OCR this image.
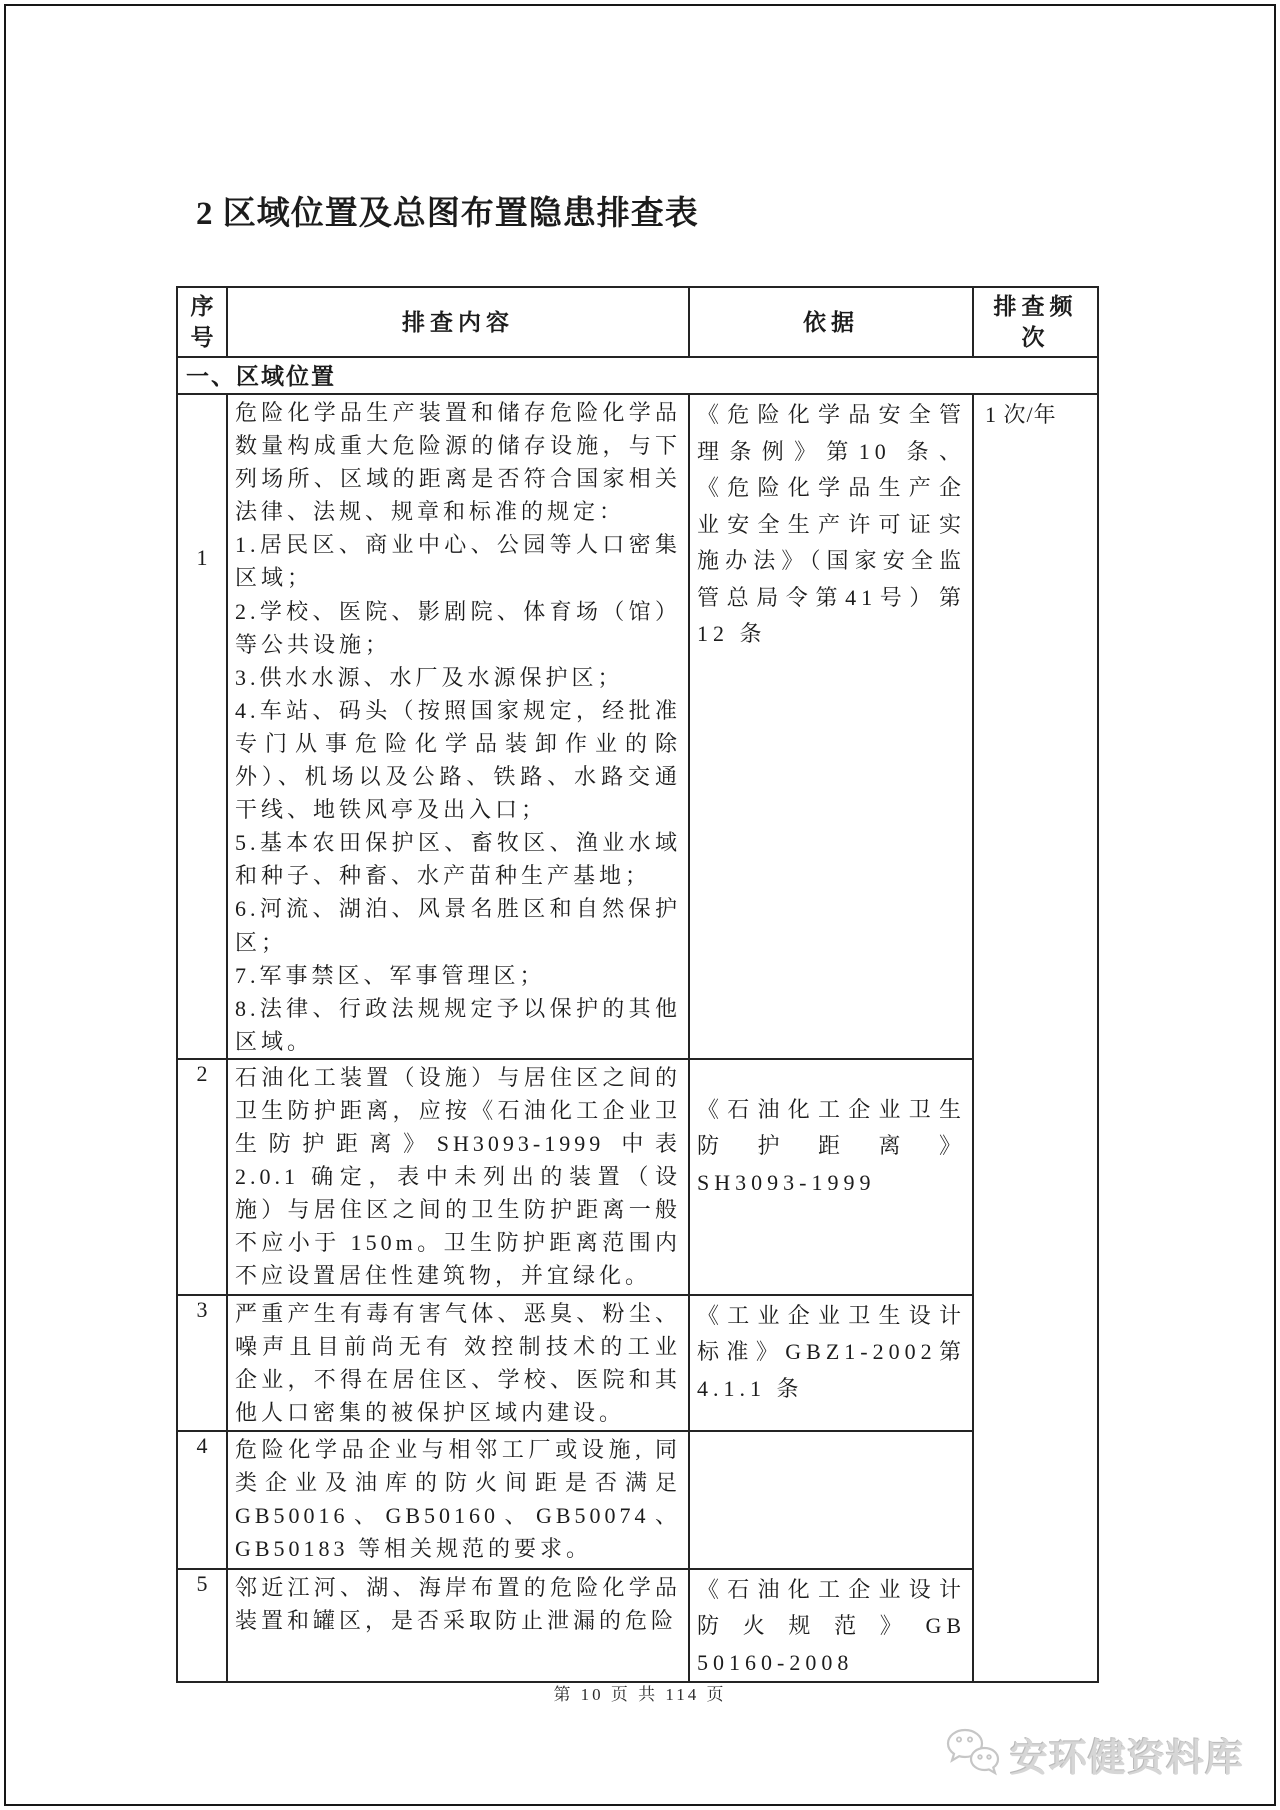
2 区域位置及总图布置隐患排查表
序号	排查内容	依据	排查频次
一、区域位置			
1	危险化学品生产装置和储存危险化学品数量构成重大危险源的储存设施，与下列场所、区域的距离是否符合国家相关法律、法规、规章和标准的规定：
1.居民区、商业中心、公园等人口密集区域；
2.学校、医院、影剧院、体育场（馆）等公共设施；
3.供水水源、水厂及水源保护区；
4.车站、码头（按照国家规定，经批准专门从事危险化学品装卸作业的除外）、机场以及公路、铁路、水路交通干线、地铁风亭及出入口；
5.基本农田保护区、畜牧区、渔业水域和种子、种畜、水产苗种生产基地；
6.河流、湖泊、风景名胜区和自然保护区；
7.军事禁区、军事管理区；
8.法律、行政法规规定予以保护的其他区域。	《危险化学品安全管理条例》第10 条、《危险化学品生产企业安全生产许可证实施办法》（国家安全监管总局令第41号）第 12 条	1 次/年
2	石油化工装置（设施）与居住区之间的卫生防护距离，应按《石油化工企业卫生防护距离》SH3093-1999 中表 2.0.1 确定，表中未列出的装置（设施）与居住区之间的卫生防护距离一般不应小于 150m。卫生防护距离范围内不应设置居住性建筑物，并宜绿化。	《石油化工企业卫生防护距离》  SH3093-1999	
3	严重产生有毒有害气体、恶臭、粉尘、噪声且目前尚无有 效控制技术的工业企业，不得在居住区、学校、医院和其他人口密集的被保护区域内建设。	《工业企业卫生设计标准》GBZ1-2002第 4.1.1 条	
4	危险化学品企业与相邻工厂或设施, 同类企业及油库的防火间距是否满足 GB50016、GB50160、GB50074、GB50183 等相关规范的要求。		
5	邻近江河、湖、海岸布置的危险化学品装置和罐区，是否采取防止泄漏的危险	《石油化工企业设计防火规范》GB 50160-2008	
第 10 页 共 114 页
安环健资料库
